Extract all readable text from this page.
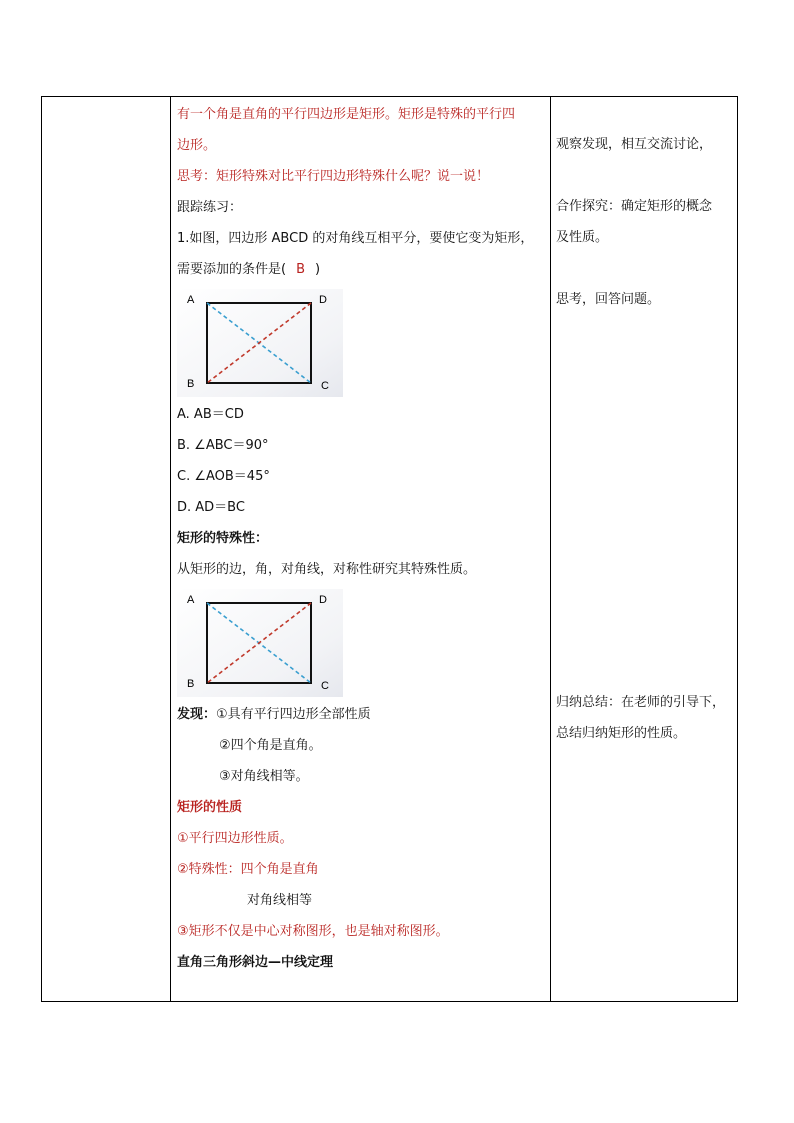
有一个角是直角的平行四边形是矩形。矩形是特殊的平行四
边形。
思考：矩形特殊对比平行四边形特殊什么呢？说一说！
跟踪练习：
1.如图，四边形 ABCD 的对角线互相平分，要使它变为矩形，
需要添加的条件是( B )
A	D
B	C
A. AB＝CD
B. ∠ABC＝90°
C. ∠AOB＝45°
D. AD＝BC
矩形的特殊性：
从矩形的边，角，对角线，对称性研究其特殊性质。
A	D
B	C
发现：①具有平行四边形全部性质
②四个角是直角。
③对角线相等。
矩形的性质
①平行四边形性质。
②特殊性：四个角是直角
对角线相等
③矩形不仅是中心对称图形，也是轴对称图形。
直角三角形斜边—中线定理
观察发现，相互交流讨论，
合作探究：确定矩形的概念
及性质。
思考，回答问题。
归纳总结：在老师的引导下，
总结归纳矩形的性质。
